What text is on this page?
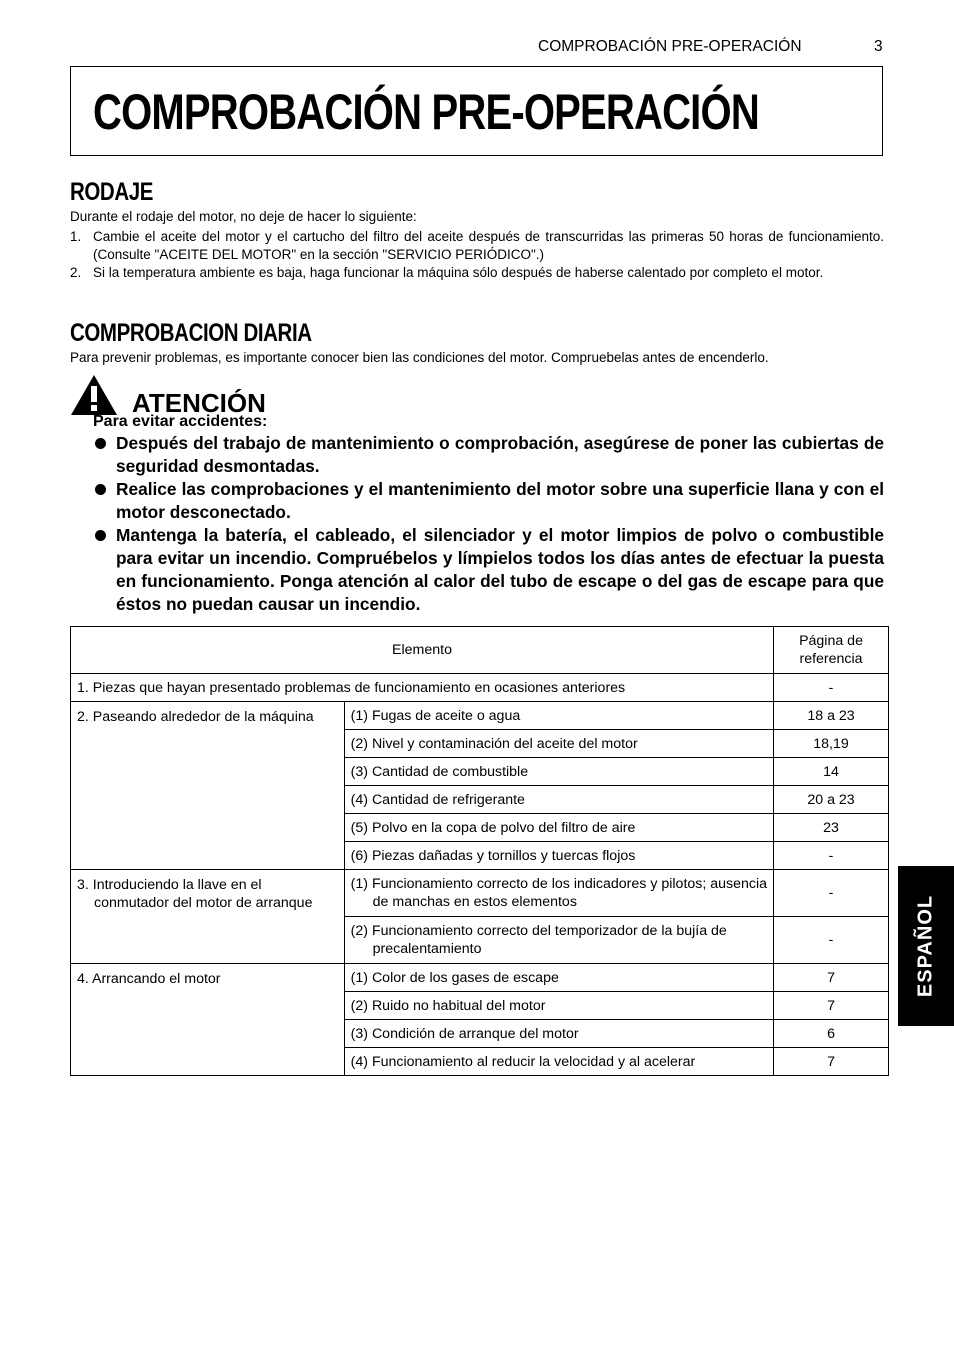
COMPROBACIÓN PRE-OPERACIÓN	3
COMPROBACIÓN PRE-OPERACIÓN
RODAJE
Durante el rodaje del motor, no deje de hacer lo siguiente:
1. Cambie el aceite del motor y el cartucho del filtro del aceite después de transcurridas las primeras 50 horas de funcionamiento. (Consulte "ACEITE DEL MOTOR" en la sección "SERVICIO PERIÓDICO".)
2. Si la temperatura ambiente es baja, haga funcionar la máquina sólo después de haberse calentado por completo el motor.
COMPROBACION DIARIA
Para prevenir problemas, es importante conocer bien las condiciones del motor. Compruebelas antes de encenderlo.
ATENCIÓN
Para evitar accidentes:
Después del trabajo de mantenimiento o comprobación, asegúrese de poner las cubiertas de seguridad desmontadas.
Realice las comprobaciones y el mantenimiento del motor sobre una superficie llana y con el motor desconectado.
Mantenga la batería, el cableado, el silenciador y el motor limpios de polvo o combustible para evitar un incendio. Compruébelos y límpielos todos los días antes de efectuar la puesta en funcionamiento. Ponga atención al calor del tubo de escape o del gas de escape para que éstos no puedan causar un incendio.
Elemento		Página de referencia
1. Piezas que hayan presentado problemas de funcionamiento en ocasiones anteriores		-
2. Paseando alrededor de la máquina	(1) Fugas de aceite o agua	18 a 23
	(2) Nivel y contaminación del aceite del motor	18,19
	(3) Cantidad de combustible	14
	(4) Cantidad de refrigerante	20 a 23
	(5) Polvo en la copa de polvo del filtro de aire	23
	(6) Piezas dañadas y tornillos y tuercas flojos	-

3. Introduciendo la llave en el conmutador del motor de arranque	(1) Funcionamiento correcto de los indicadores y pilotos; ausencia de manchas en estos elementos	-

	(2) Funcionamiento correcto del temporizador de la bujía de precalentamiento	-
4. Arrancando el motor	(1) Color de los gases de escape	7
	(2) Ruido no habitual del motor	7
	(3) Condición de arranque del motor	6
	(4) Funcionamiento al reducir la velocidad y al acelerar	7
ESPAÑOL
